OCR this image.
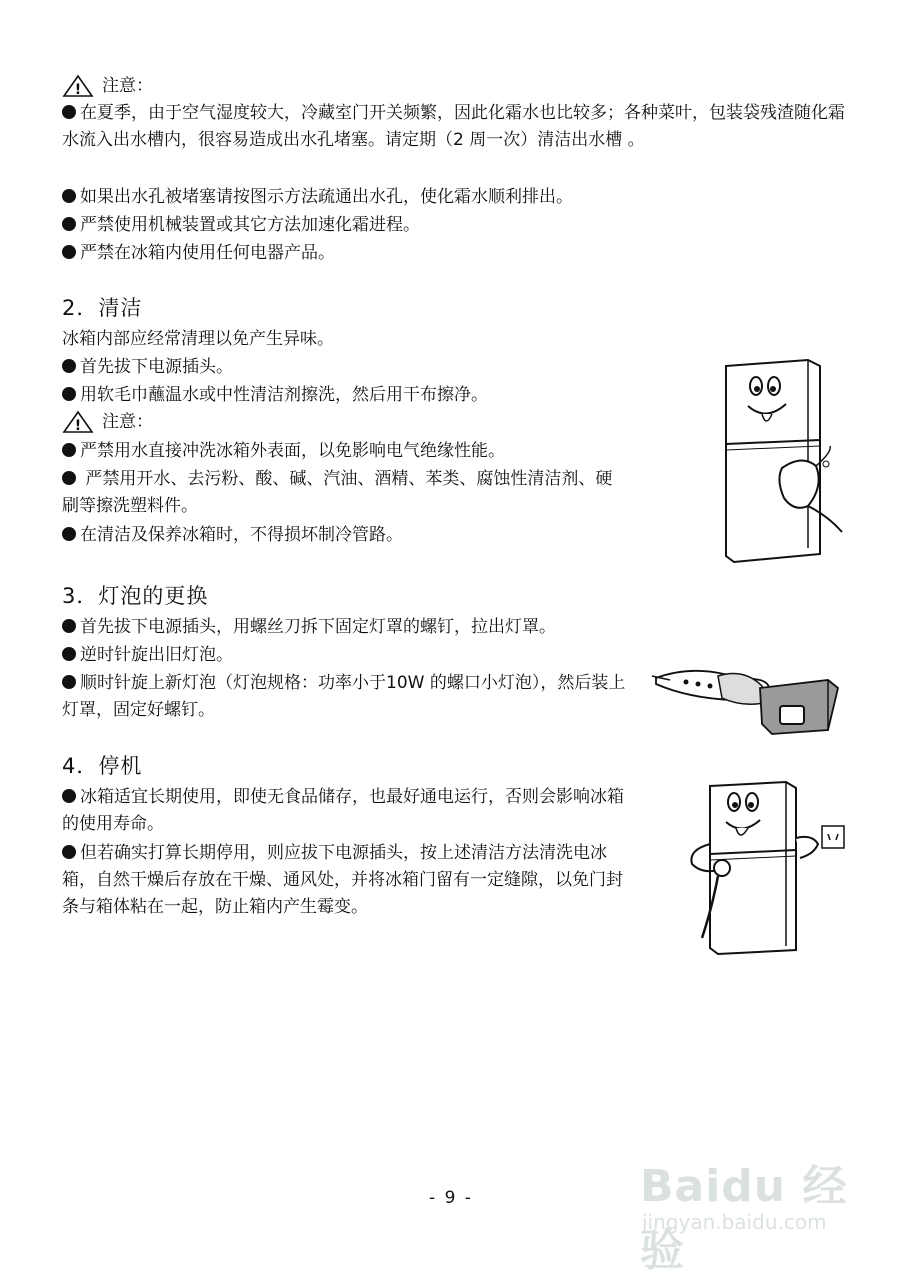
! 注意：

在夏季，由于空气湿度较大，冷藏室门开关频繁，因此化霜水也比较多；各种菜叶，包装袋残渣随化霜水流入出水槽内，很容易造成出水孔堵塞。请定期（2 周一次）清洁出水槽 。

如果出水孔被堵塞请按图示方法疏通出水孔，使化霜水顺利排出。

严禁使用机械装置或其它方法加速化霜进程。

严禁在冰箱内使用任何电器产品。

2．清洁

冰箱内部应经常清理以免产生异味。

首先拔下电源插头。

用软毛巾蘸温水或中性清洁剂擦洗，然后用干布擦净。

! 注意：

严禁用水直接冲洗冰箱外表面，以免影响电气绝缘性能。

严禁用开水、去污粉、酸、碱、汽油、酒精、苯类、腐蚀性清洁剂、硬刷等擦洗塑料件。

在清洁及保养冰箱时，不得损坏制冷管路。

3．灯泡的更换

首先拔下电源插头，用螺丝刀拆下固定灯罩的螺钉，拉出灯罩。

逆时针旋出旧灯泡。

顺时针旋上新灯泡（灯泡规格：功率小于10W 的螺口小灯泡），然后装上灯罩，固定好螺钉。

4．停机

冰箱适宜长期使用，即使无食品储存，也最好通电运行，否则会影响冰箱的使用寿命。

但若确实打算长期停用，则应拔下电源插头，按上述清洁方法清洗电冰箱，自然干燥后存放在干燥、通风处，并将冰箱门留有一定缝隙，以免门封条与箱体粘在一起，防止箱内产生霉变。

- 9 -	Baidu 经验
jingyan.baidu.com
